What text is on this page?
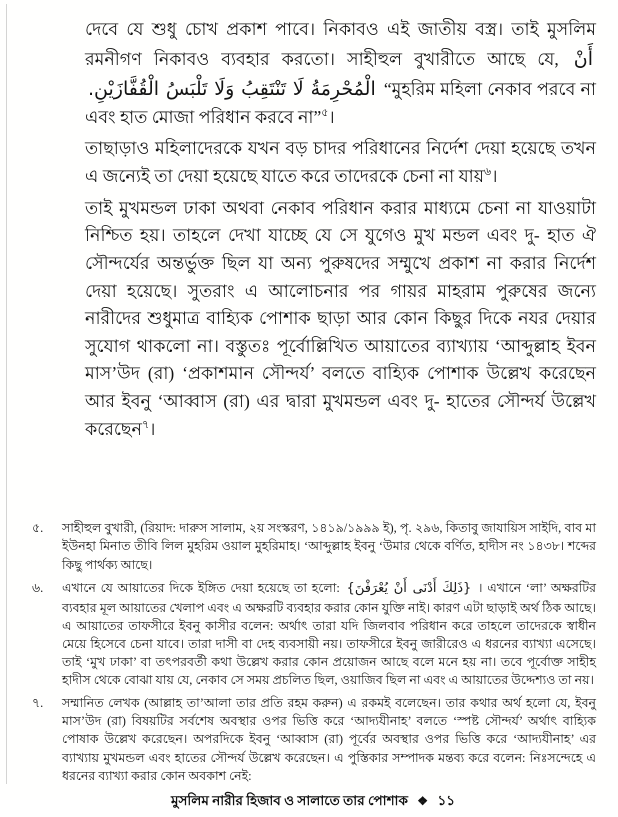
দেবে যে শুধু চোখ প্রকাশ পাবে। নিকাবও এই জাতীয় বস্ত্র। তাই মুসলিম রমনীগণ নিকাবও ব্যবহার করতো। সাহীহুল বুখারীতে আছে যে, أَنْ الْمُحْرِمَةُ لَا تَنْتَقِبُ وَلَا تَلْبَسُ الْقُفَّازَيْنِ. “মুহরিম মহিলা নেকাব পরবে না এবং হাত মোজা পরিধান করবে না”$^৫$।

তাছাড়াও মহিলাদেরকে যখন বড় চাদর পরিধানের নির্দেশ দেয়া হয়েছে তখন এ জন্যেই তা দেয়া হয়েছে যাতে করে তাদেরকে চেনা না যায়$^৬$।

তাই মুখমন্ডল ঢাকা অথবা নেকাব পরিধান করার মাধ্যমে চেনা না যাওয়াটা নিশ্চিত হয়। তাহলে দেখা যাচ্ছে যে সে যুগেও মুখ মন্ডল এবং দু- হাত ঐ সৌন্দর্যের অন্তর্ভুক্ত ছিল যা অন্য পুরুষদের সম্মুখে প্রকাশ না করার নির্দেশ দেয়া হয়েছে। সুতরাং এ আলোচনার পর গায়র মাহরাম পুরুষের জন্যে নারীদের শুধুমাত্র বাহ্যিক পোশাক ছাড়া আর কোন কিছুর দিকে নযর দেয়ার সুযোগ থাকলো না। বস্তুতঃ পূর্বোল্লিখিত আয়াতের ব্যাখ্যায় ‘আব্দুল্লাহ ইবন মাস’উদ (রা) ‘প্রকাশমান সৌন্দর্য’ বলতে বাহ্যিক পোশাক উল্লেখ করেছেন আর ইবনু ‘আব্বাস (রা) এর দ্বারা মুখমন্ডল এবং দু- হাতের সৌন্দর্য উল্লেখ করেছেন$^৭$।

৫.	সাহীহুল বুখারী, (রিয়াদ: দারুস সালাম, ২য় সংস্করণ, ১৪১৯/১৯৯৯ ই), পৃ. ২৯৬, কিতাবু জাযায়িস সাইদি, বাব মা ইউনহা মিনাত তীবি লিল মুহরিম ওয়াল মুহরিমাহ। ‘আব্দুল্লাহ ইবনু ‘উমার থেকে বর্ণিত, হাদীস নং ১৪৩৮। শব্দের কিছু পার্থক্য আছে।
৬.	এখানে যে আয়াতের দিকে ইঙ্গিত দেয়া হয়েছে তা হলো: {ذَلِكَ أَدْنَى أَنْ يُعْرَفْنَ} । এখানে ‘লা’ অক্ষরটির ব্যবহার মূল আয়াতের খেলাপ এবং এ অক্ষরটি ব্যবহার করার কোন যুক্তি নাই। কারণ এটা ছাড়াই অর্থ ঠিক আছে। এ আয়াতের তাফসীরে ইবনু কাসীর বলেন: অর্থাৎ তারা যদি জিলবাব পরিধান করে তাহলে তাদেরকে স্বাধীন মেয়ে হিসেবে চেনা যাবে। তারা দাসী বা দেহ ব্যবসায়ী নয়। তাফসীরে ইবনু জারীরেও এ ধরনের ব্যাখ্যা এসেছে। তাই ‘মুখ ঢাকা’ বা তৎপরবর্তী কথা উল্লেখ করার কোন প্রয়োজন আছে বলে মনে হয় না। তবে পূর্বোক্ত সাহীহ হাদীস থেকে বোঝা যায় যে, নেকাব সে সময় প্রচলিত ছিল, ওয়াজিব ছিল না এবং এ আয়াতের উদ্দেশ্যও তা নয়।
৭.	সম্মানিত লেখক (আল্লাহ তা’আলা তার প্রতি রহম করুন) এ রকমই বলেছেন। তার কথার অর্থ হলো যে, ইবনু মাস’উদ (রা) বিষয়টির সর্বশেষ অবস্থার ওপর ভিত্তি করে ‘আদ্যযীনাহ’ বলতে ‘স্পষ্ট সৌন্দর্য’ অর্থাৎ বাহ্যিক পোষাক উল্লেখ করেছেন। অপরদিকে ইবনু ‘আব্বাস (রা) পূর্বের অবস্থার ওপর ভিত্তি করে ‘আদ্যযীনাহ’ এর ব্যাখ্যায় মুখমন্ডল এবং হাতের সৌন্দর্য উল্লেখ করেছেন। এ পুস্তিকার সম্পাদক মন্তব্য করে বলেন: নিঃসন্দেহে এ ধরনের ব্যাখ্যা করার কোন অবকাশ নেই:
মুসলিম নারীর হিজাব ও সালাতে তার পোশাক ❖ ১১
